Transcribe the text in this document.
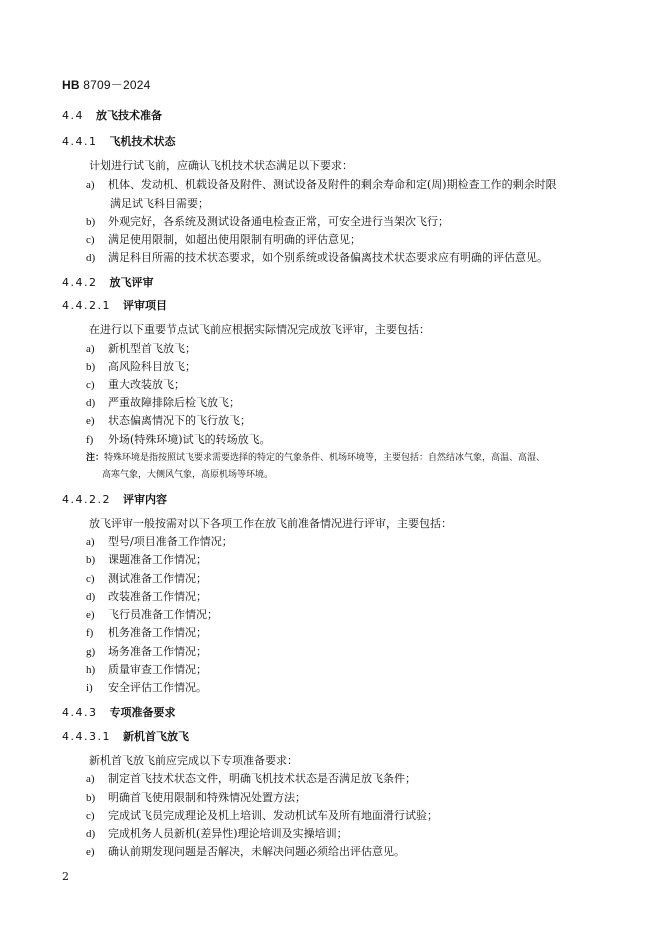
HB 8709－2024
4.4 放飞技术准备
4.4.1 飞机技术状态
计划进行试飞前，应确认飞机技术状态满足以下要求：
a) 机体、发动机、机载设备及附件、测试设备及附件的剩余寿命和定(周)期检查工作的剩余时限
满足试飞科目需要；
b) 外观完好，各系统及测试设备通电检查正常，可安全进行当架次飞行；
c) 满足使用限制，如超出使用限制有明确的评估意见；
d) 满足科目所需的技术状态要求，如个别系统或设备偏离技术状态要求应有明确的评估意见。
4.4.2 放飞评审
4.4.2.1 评审项目
在进行以下重要节点试飞前应根据实际情况完成放飞评审，主要包括：
a) 新机型首飞放飞；
b) 高风险科目放飞；
c) 重大改装放飞；
d) 严重故障排除后检飞放飞；
e) 状态偏离情况下的飞行放飞；
f) 外场(特殊环境)试飞的转场放飞。
注：特殊环境是指按照试飞要求需要选择的特定的气象条件、机场环境等，主要包括：自然结冰气象，高温、高湿、
高寒气象，大侧风气象，高原机场等环境。
4.4.2.2 评审内容
放飞评审一般按需对以下各项工作在放飞前准备情况进行评审，主要包括：
a) 型号/项目准备工作情况；
b) 课题准备工作情况；
c) 测试准备工作情况；
d) 改装准备工作情况；
e) 飞行员准备工作情况；
f) 机务准备工作情况；
g) 场务准备工作情况；
h) 质量审查工作情况；
i) 安全评估工作情况。
4.4.3 专项准备要求
4.4.3.1 新机首飞放飞
新机首飞放飞前应完成以下专项准备要求：
a) 制定首飞技术状态文件，明确飞机技术状态是否满足放飞条件；
b) 明确首飞使用限制和特殊情况处置方法；
c) 完成试飞员完成理论及机上培训、发动机试车及所有地面滑行试验；
d) 完成机务人员新机(差异性)理论培训及实操培训；
e) 确认前期发现问题是否解决，未解决问题必须给出评估意见。
2
